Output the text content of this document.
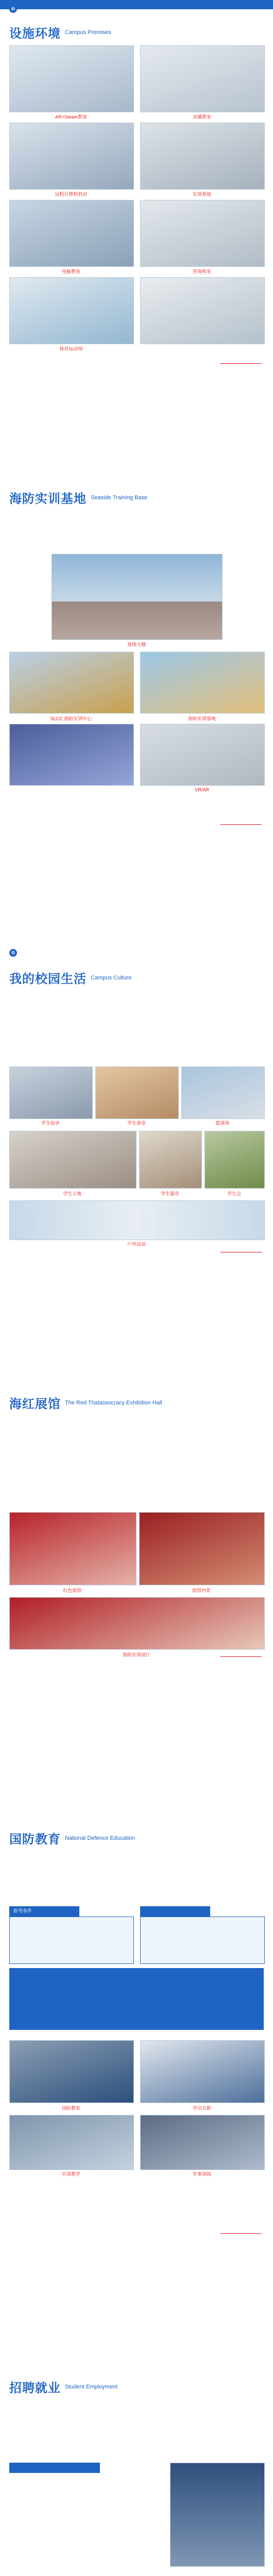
✿
设施环境 Campus Premises
AR+Steam教室	录播教室
远程计算机机房	实训基地
电脑教室	咨询师室
体育运动场
海防实训基地 Seaside Training Base
基地大楼
SLCC 海防实训中心	海防实训基地
VR/AR
✿
我的校园生活 Campus Culture
学生宿舍	学生食堂	篮球场
学生公寓	学生超市	学生会
户外活动
海红展馆 The Red Thalassocracy Exhibition Hall
红色展馆	展馆内景
海防实训展厅
国防教育 National Defence Education
报考条件
国防教育	学员合影
实训教学	军事训练
招聘就业 Student Employment
